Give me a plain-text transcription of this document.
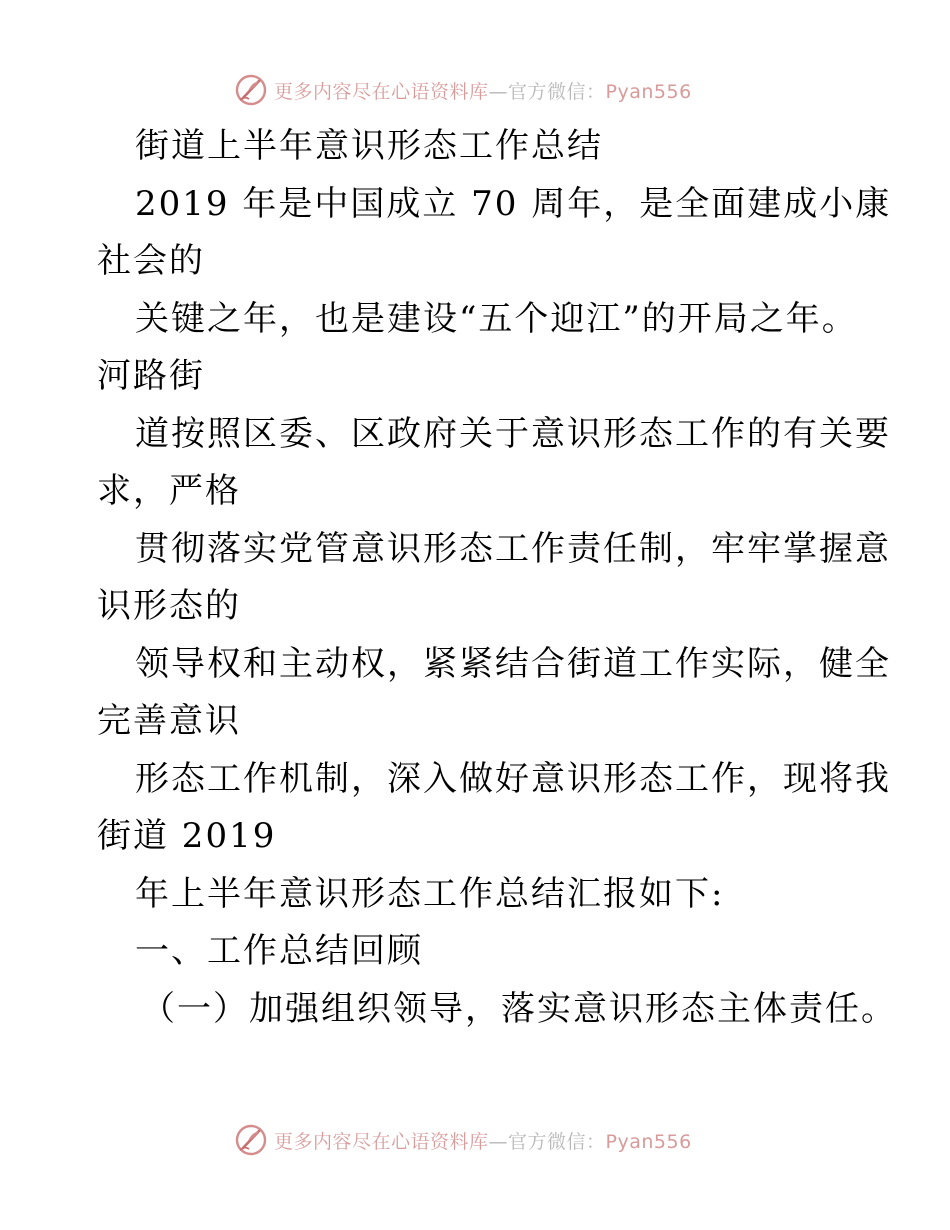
更多内容尽在心语资料库—官方微信：Pyan556
街道上半年意识形态工作总结
2019 年是中国成立 70 周年，是全面建成小康
社会的
关键之年，也是建设“五个迎江”的开局之年。
河路街
道按照区委、区政府关于意识形态工作的有关要
求，严格
贯彻落实党管意识形态工作责任制，牢牢掌握意
识形态的
领导权和主动权，紧紧结合街道工作实际，健全
完善意识
形态工作机制，深入做好意识形态工作，现将我
街道 2019
年上半年意识形态工作总结汇报如下:
一、工作总结回顾
（一）加强组织领导，落实意识形态主体责任。
更多内容尽在心语资料库—官方微信：Pyan556
